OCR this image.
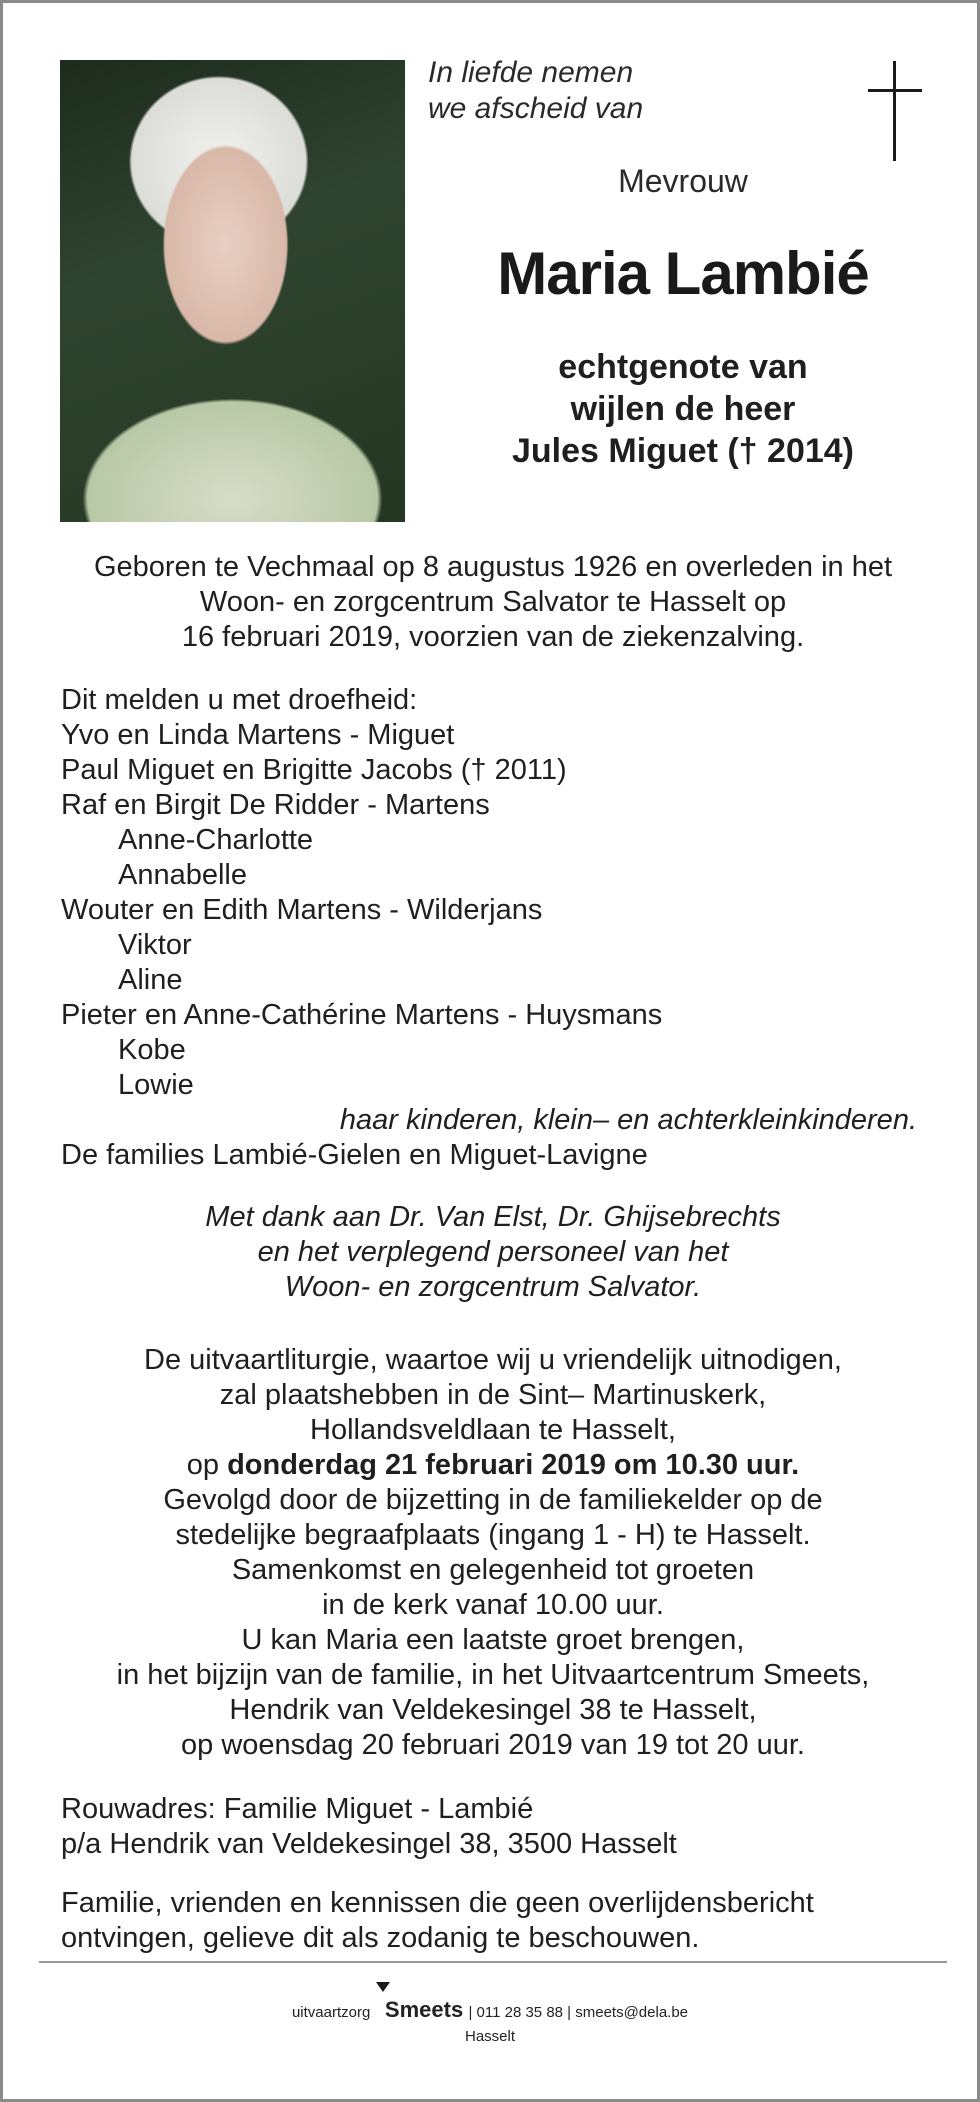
In liefde nemen
we afscheid van
Mevrouw
Maria Lambié
echtgenote van
wijlen de heer
Jules Miguet († 2014)
Geboren te Vechmaal op 8 augustus 1926 en overleden in het
Woon- en zorgcentrum Salvator te Hasselt op
16 februari 2019, voorzien van de ziekenzalving.
Dit melden u met droefheid:
Yvo en Linda Martens - Miguet
Paul Miguet en Brigitte Jacobs († 2011)
Raf en Birgit De Ridder - Martens
Anne-Charlotte
Annabelle
Wouter en Edith Martens - Wilderjans
Viktor
Aline
Pieter en Anne-Cathérine Martens - Huysmans
Kobe
Lowie
haar kinderen, klein– en achterkleinkinderen.
De families Lambié-Gielen en Miguet-Lavigne
Met dank aan Dr. Van Elst, Dr. Ghijsebrechts
en het verplegend personeel van het
Woon- en zorgcentrum Salvator.
De uitvaartliturgie, waartoe wij u vriendelijk uitnodigen,
zal plaatshebben in de Sint– Martinuskerk,
Hollandsveldlaan te Hasselt,
op donderdag 21 februari 2019 om 10.30 uur.
Gevolgd door de bijzetting in de familiekelder op de
stedelijke begraafplaats (ingang 1 - H) te Hasselt.
Samenkomst en gelegenheid tot groeten
in de kerk vanaf 10.00 uur.
U kan Maria een laatste groet brengen,
in het bijzijn van de familie, in het Uitvaartcentrum Smeets,
Hendrik van Veldekesingel 38 te Hasselt,
op woensdag 20 februari 2019 van 19 tot 20 uur.
Rouwadres: Familie Miguet - Lambié
p/a Hendrik van Veldekesingel 38, 3500 Hasselt
Familie, vrienden en kennissen die geen overlijdensbericht
ontvingen, gelieve dit als zodanig te beschouwen.
uitvaartzorg Smeets | 011 28 35 88 | smeets@dela.be
Hasselt
